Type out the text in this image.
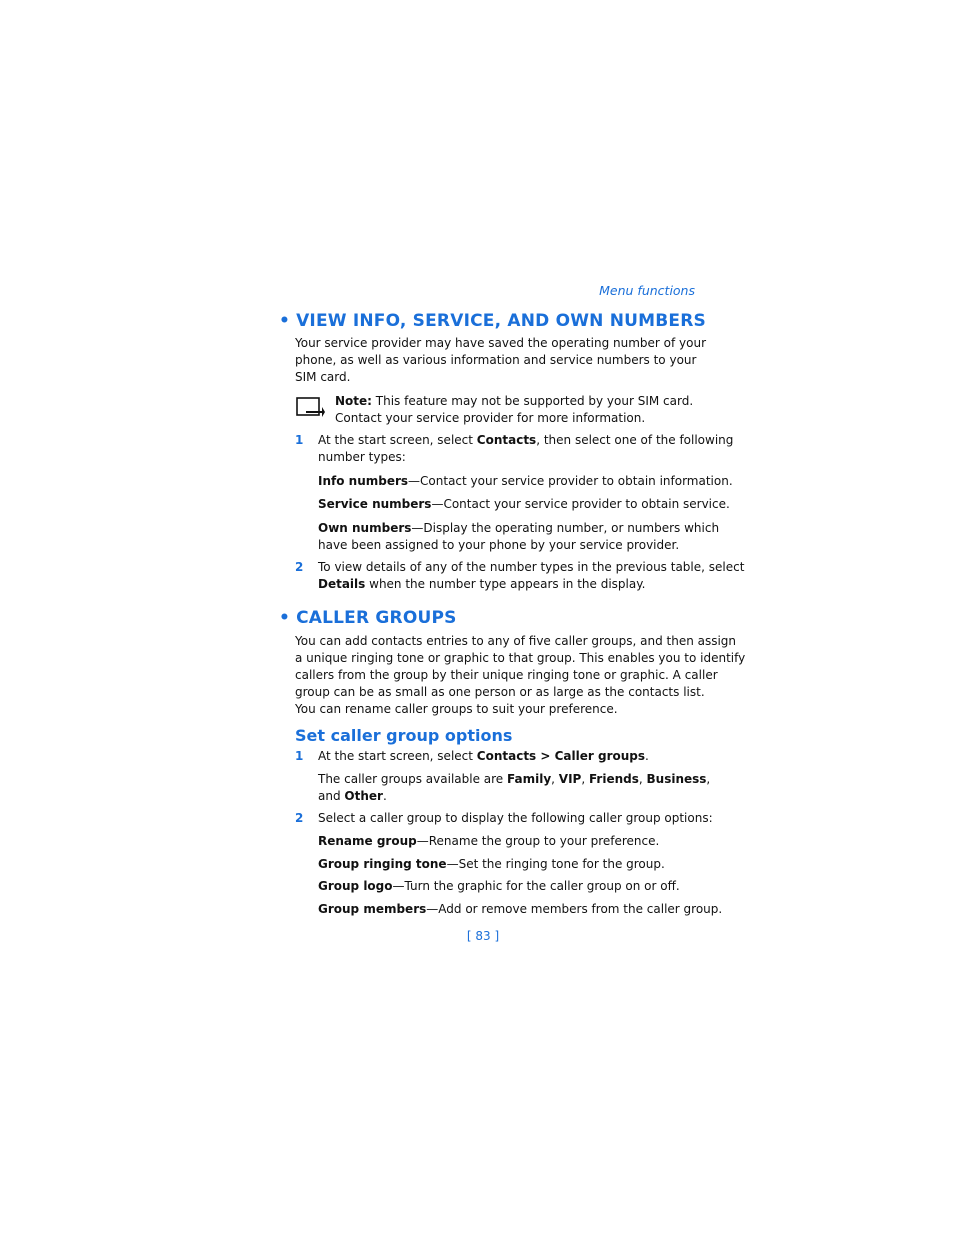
Menu functions
• VIEW INFO, SERVICE, AND OWN NUMBERS
Your service provider may have saved the operating number of your
phone, as well as various information and service numbers to your
SIM card.
Note: This feature may not be supported by your SIM card.
Contact your service provider for more information.
1 At the start screen, select Contacts, then select one of the following
number types:
Info numbers—Contact your service provider to obtain information.
Service numbers—Contact your service provider to obtain service.
Own numbers—Display the operating number, or numbers which
have been assigned to your phone by your service provider.
2 To view details of any of the number types in the previous table, select
Details when the number type appears in the display.
• CALLER GROUPS
You can add contacts entries to any of five caller groups, and then assign
a unique ringing tone or graphic to that group. This enables you to identify
callers from the group by their unique ringing tone or graphic. A caller
group can be as small as one person or as large as the contacts list.
You can rename caller groups to suit your preference.
Set caller group options
1 At the start screen, select Contacts > Caller groups.
The caller groups available are Family, VIP, Friends, Business,
and Other.
2 Select a caller group to display the following caller group options:
Rename group—Rename the group to your preference.
Group ringing tone—Set the ringing tone for the group.
Group logo—Turn the graphic for the caller group on or off.
Group members—Add or remove members from the caller group.
[ 83 ]
